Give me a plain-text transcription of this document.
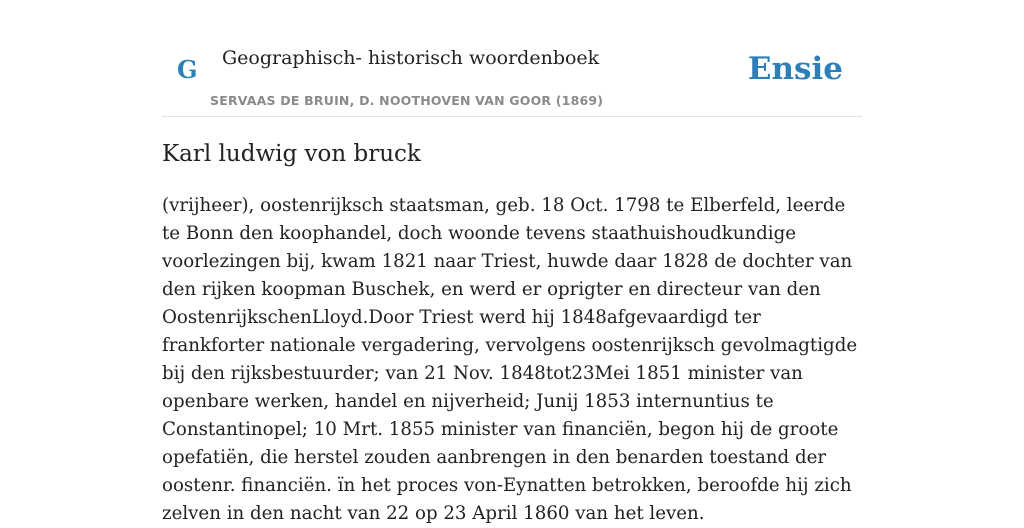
G Geographisch- historisch woordenboek
SERVAAS DE BRUIN, D. NOOTHOVEN VAN GOOR (1869)
Ensie
Karl ludwig von bruck

(vrijheer), oostenrijksch staatsman, geb. 18 Oct. 1798 te Elberfeld, leerde te Bonn den koophandel, doch woonde tevens staathuishoudkundige voorlezingen bij, kwam 1821 naar Triest, huwde daar 1828 de dochter van den rijken koopman Buschek, en werd er oprigter en directeur van den OostenrijkschenLloyd.Door Triest werd hij 1848afgevaardigd ter frankforter nationale vergadering, vervolgens oostenrijksch gevolmagtigde bij den rijksbestuurder; van 21 Nov. 1848tot23Mei 1851 minister van openbare werken, handel en nijverheid; Junij 1853 internuntius te Constantinopel; 10 Mrt. 1855 minister van financiën, begon hij de groote opefatiën, die herstel zouden aanbrengen in den benarden toestand der oostenr. financiën. ïn het proces von-Eynatten betrokken, beroofde hij zich zelven in den nacht van 22 op 23 April 1860 van het leven.
